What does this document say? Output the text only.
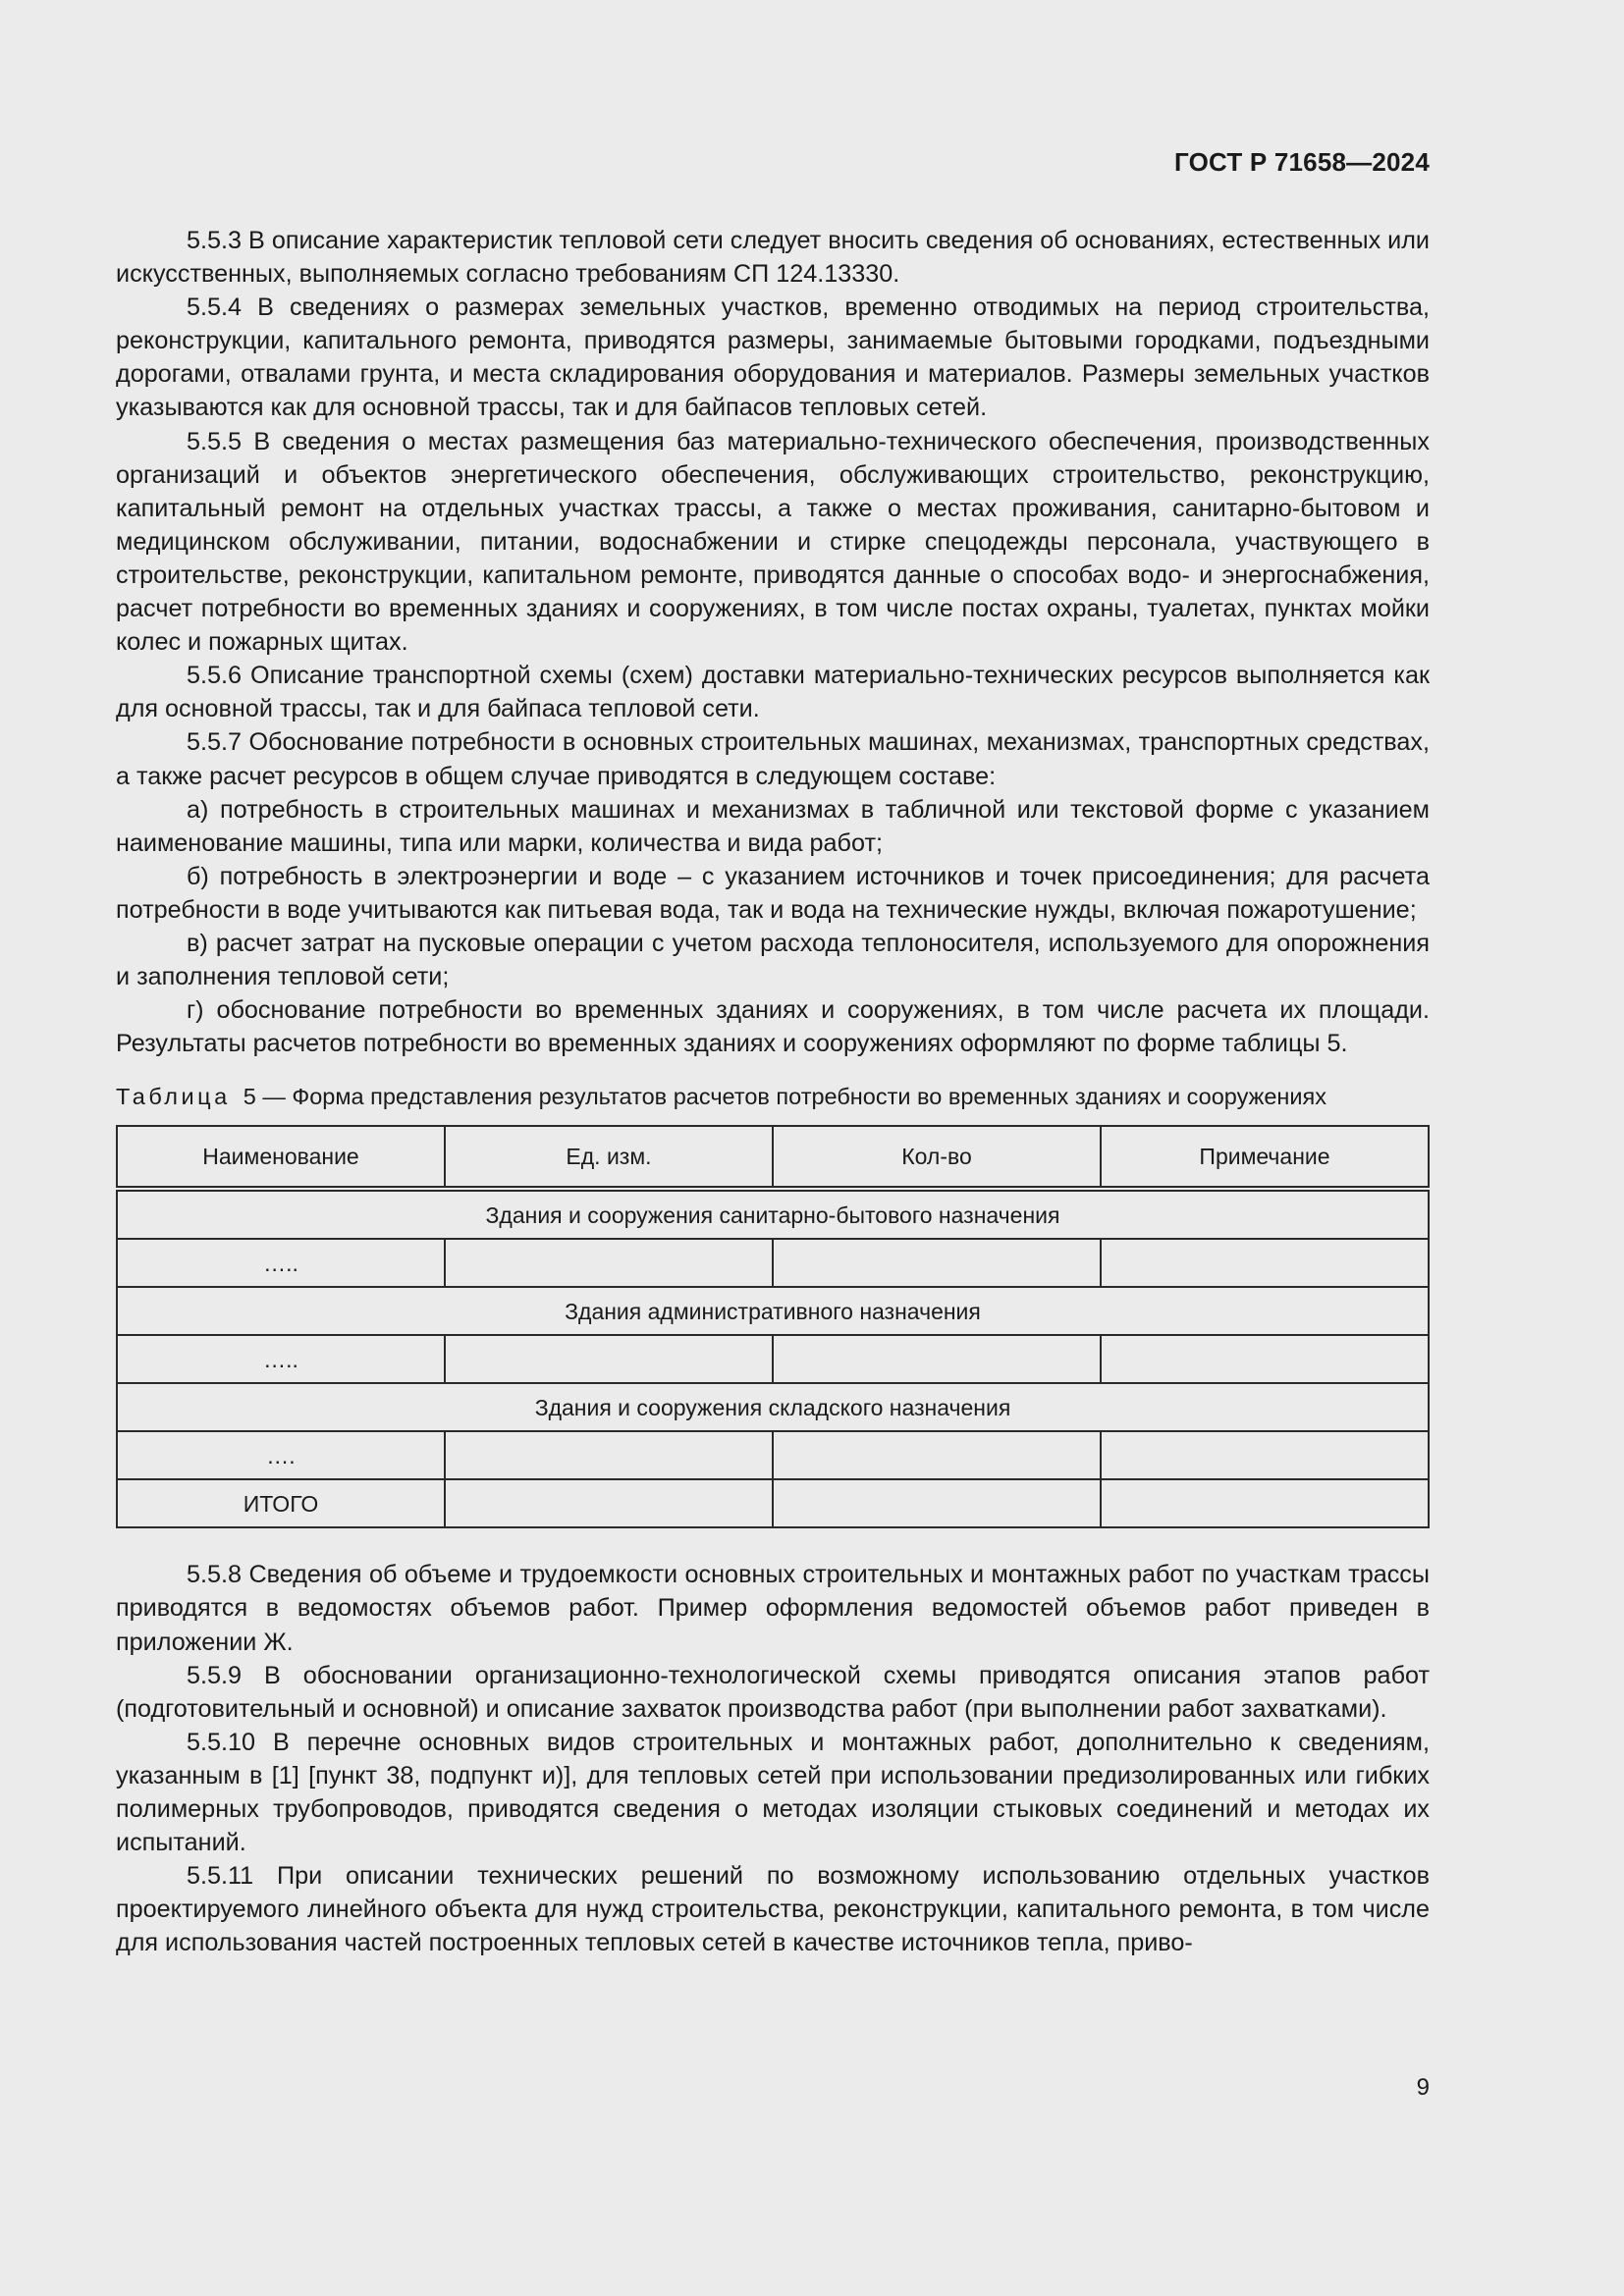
ГОСТ Р 71658—2024

5.5.3 В описание характеристик тепловой сети следует вносить сведения об основаниях, естественных или искусственных, выполняемых согласно требованиям СП 124.13330.

5.5.4 В сведениях о размерах земельных участков, временно отводимых на период строительства, реконструкции, капитального ремонта, приводятся размеры, занимаемые бытовыми городками, подъездными дорогами, отвалами грунта, и места складирования оборудования и материалов. Размеры земельных участков указываются как для основной трассы, так и для байпасов тепловых сетей.

5.5.5 В сведения о местах размещения баз материально-технического обеспечения, производственных организаций и объектов энергетического обеспечения, обслуживающих строительство, реконструкцию, капитальный ремонт на отдельных участках трассы, а также о местах проживания, санитарно-бытовом и медицинском обслуживании, питании, водоснабжении и стирке спецодежды персонала, участвующего в строительстве, реконструкции, капитальном ремонте, приводятся данные о способах водо- и энергоснабжения, расчет потребности во временных зданиях и сооружениях, в том числе постах охраны, туалетах, пунктах мойки колес и пожарных щитах.

5.5.6 Описание транспортной схемы (схем) доставки материально-технических ресурсов выполняется как для основной трассы, так и для байпаса тепловой сети.

5.5.7 Обоснование потребности в основных строительных машинах, механизмах, транспортных средствах, а также расчет ресурсов в общем случае приводятся в следующем составе:

а) потребность в строительных машинах и механизмах в табличной или текстовой форме с указанием наименование машины, типа или марки, количества и вида работ;

б) потребность в электроэнергии и воде – с указанием источников и точек присоединения; для расчета потребности в воде учитываются как питьевая вода, так и вода на технические нужды, включая пожаротушение;

в) расчет затрат на пусковые операции с учетом расхода теплоносителя, используемого для опорожнения и заполнения тепловой сети;

г) обоснование потребности во временных зданиях и сооружениях, в том числе расчета их площади. Результаты расчетов потребности во временных зданиях и сооружениях оформляют по форме таблицы 5.

Таблица 5 — Форма представления результатов расчетов потребности во временных зданиях и сооружениях
Наименование	Ед. изм.	Кол-во	Примечание
Здания и сооружения санитарно-бытового назначения			
…..			
Здания административного назначения			
…..			
Здания и сооружения складского назначения			
….			
ИТОГО			

5.5.8 Сведения об объеме и трудоемкости основных строительных и монтажных работ по участкам трассы приводятся в ведомостях объемов работ. Пример оформления ведомостей объемов работ приведен в приложении Ж.

5.5.9 В обосновании организационно-технологической схемы приводятся описания этапов работ (подготовительный и основной) и описание захваток производства работ (при выполнении работ захватками).

5.5.10 В перечне основных видов строительных и монтажных работ, дополнительно к сведениям, указанным в [1] [пункт 38, подпункт и)], для тепловых сетей при использовании предизолированных или гибких полимерных трубопроводов, приводятся сведения о методах изоляции стыковых соединений и методах их испытаний.

5.5.11 При описании технических решений по возможному использованию отдельных участков проектируемого линейного объекта для нужд строительства, реконструкции, капитального ремонта, в том числе для использования частей построенных тепловых сетей в качестве источников тепла, приво-

9
